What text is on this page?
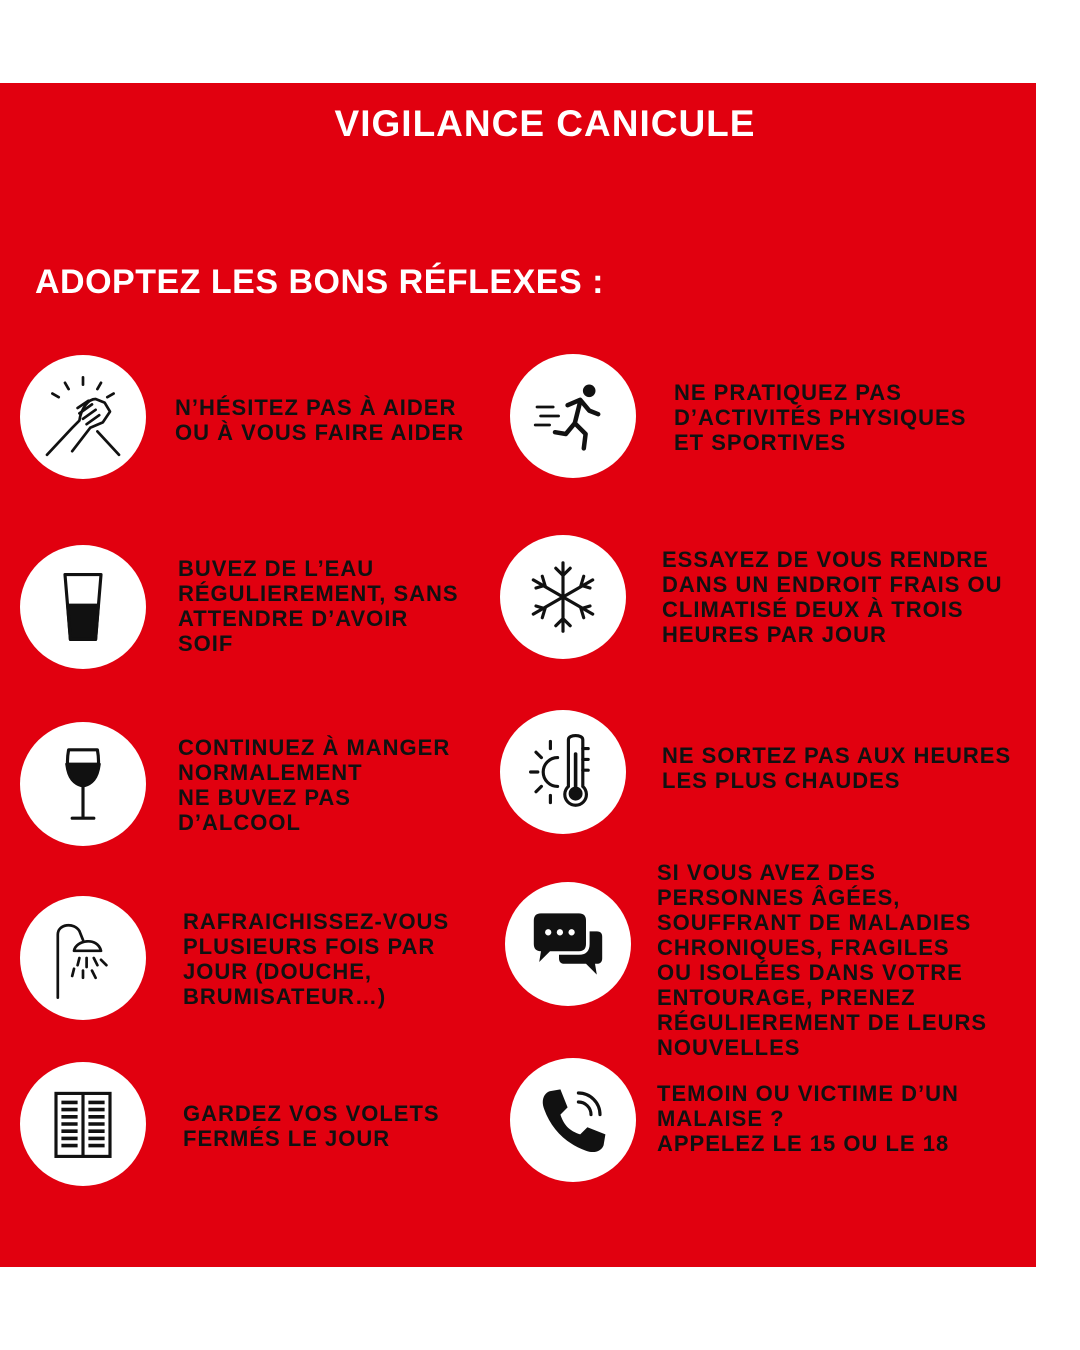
VIGILANCE CANICULE
ADOPTEZ LES BONS RÉFLEXES :
N’HÉSITEZ PAS À AIDER
OU À VOUS FAIRE AIDER
BUVEZ DE L’EAU
RÉGULIEREMENT, SANS
ATTENDRE D’AVOIR
SOIF
CONTINUEZ À MANGER
NORMALEMENT
NE BUVEZ PAS
D’ALCOOL
RAFRAICHISSEZ-VOUS
PLUSIEURS FOIS PAR
JOUR (DOUCHE,
BRUMISATEUR…)
GARDEZ VOS VOLETS
FERMÉS LE JOUR
NE PRATIQUEZ PAS
D’ACTIVITÉS PHYSIQUES
ET SPORTIVES
ESSAYEZ DE VOUS RENDRE
DANS UN ENDROIT FRAIS OU
CLIMATISÉ DEUX À TROIS
HEURES PAR JOUR
NE SORTEZ PAS AUX HEURES
LES PLUS CHAUDES
SI VOUS AVEZ DES
PERSONNES ÂGÉES,
SOUFFRANT DE MALADIES
CHRONIQUES, FRAGILES
OU ISOLÉES DANS VOTRE
ENTOURAGE, PRENEZ
RÉGULIEREMENT DE LEURS
NOUVELLES
TEMOIN OU VICTIME D’UN
MALAISE ?
APPELEZ LE 15 OU LE 18
